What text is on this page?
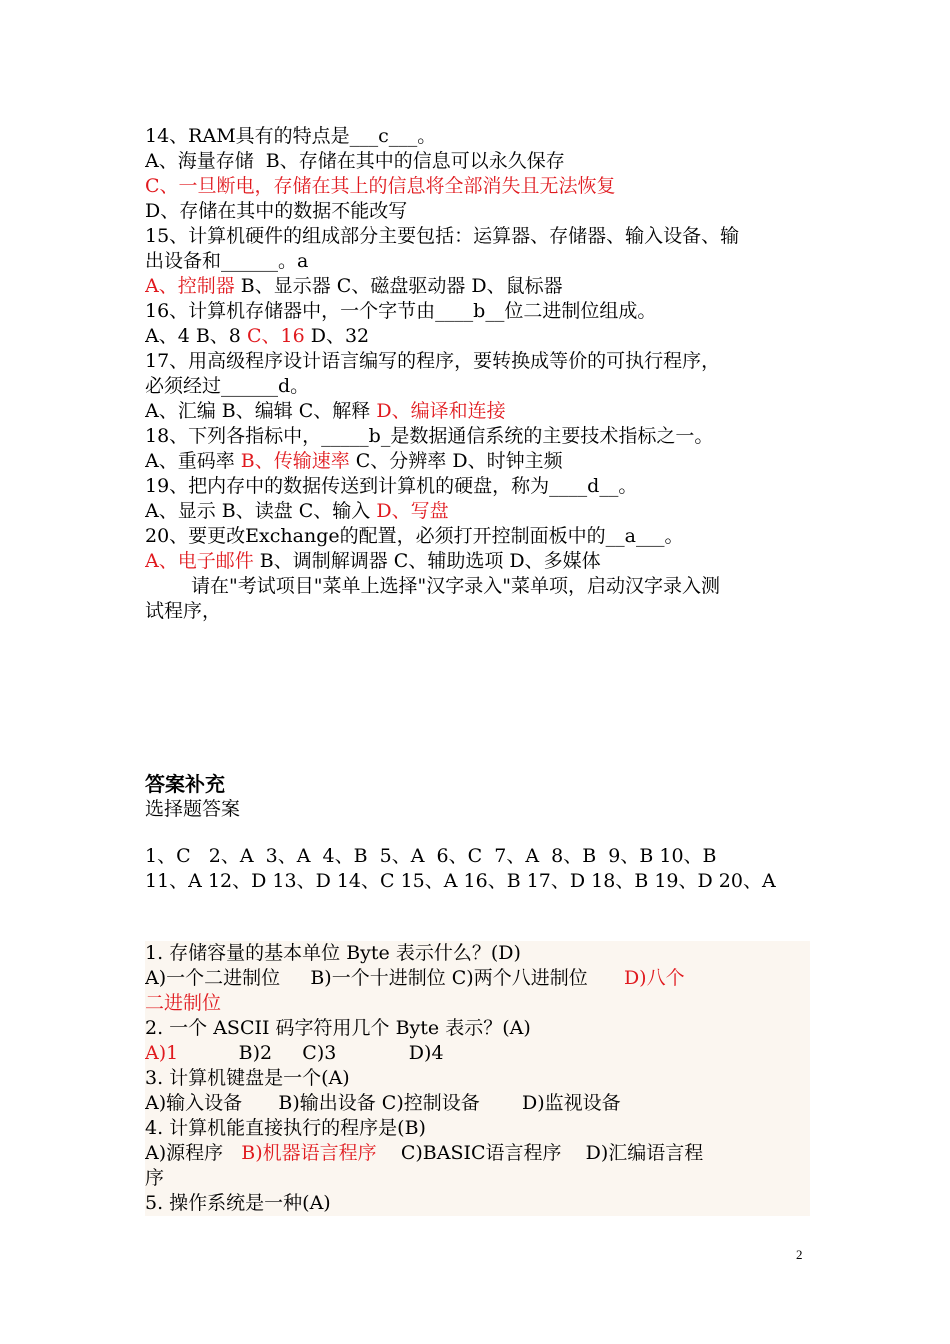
14、RAM具有的特点是___c___。
A、海量存储  B、存储在其中的信息可以永久保存
C、一旦断电，存储在其上的信息将全部消失且无法恢复
D、存储在其中的数据不能改写
15、计算机硬件的组成部分主要包括：运算器、存储器、输入设备、输
出设备和______。a
A、控制器 B、显示器 C、磁盘驱动器 D、鼠标器
16、计算机存储器中，一个字节由____b__位二进制位组成。
A、4 B、8 C、16 D、32
17、用高级程序设计语言编写的程序，要转换成等价的可执行程序，
必须经过______d。
A、汇编 B、编辑 C、解释 D、编译和连接
18、下列各指标中，_____b_是数据通信系统的主要技术指标之一。
A、重码率 B、传输速率 C、分辨率 D、时钟主频
19、把内存中的数据传送到计算机的硬盘，称为____d__。
A、显示 B、读盘 C、输入 D、写盘
20、要更改Exchange的配置，必须打开控制面板中的__a___。
A、电子邮件 B、调制解调器 C、辅助选项 D、多媒体
请在"考试项目"菜单上选择"汉字录入"菜单项，启动汉字录入测
试程序，
答案补充
选择题答案
1、C   2、A  3、A  4、B  5、A  6、C  7、A  8、B  9、B 10、B
11、A 12、D 13、D 14、C 15、A 16、B 17、D 18、B 19、D 20、A
1. 存储容量的基本单位 Byte 表示什么？(D)
A)一个二进制位     B)一个十进制位 C)两个八进制位      D)八个
二进制位
2. 一个 ASCII 码字符用几个 Byte 表示？(A)
A)1          B)2     C)3            D)4
3. 计算机键盘是一个(A)
A)输入设备      B)输出设备 C)控制设备       D)监视设备
4. 计算机能直接执行的程序是(B)
A)源程序   B)机器语言程序    C)BASIC语言程序    D)汇编语言程
序
5. 操作系统是一种(A)
2
